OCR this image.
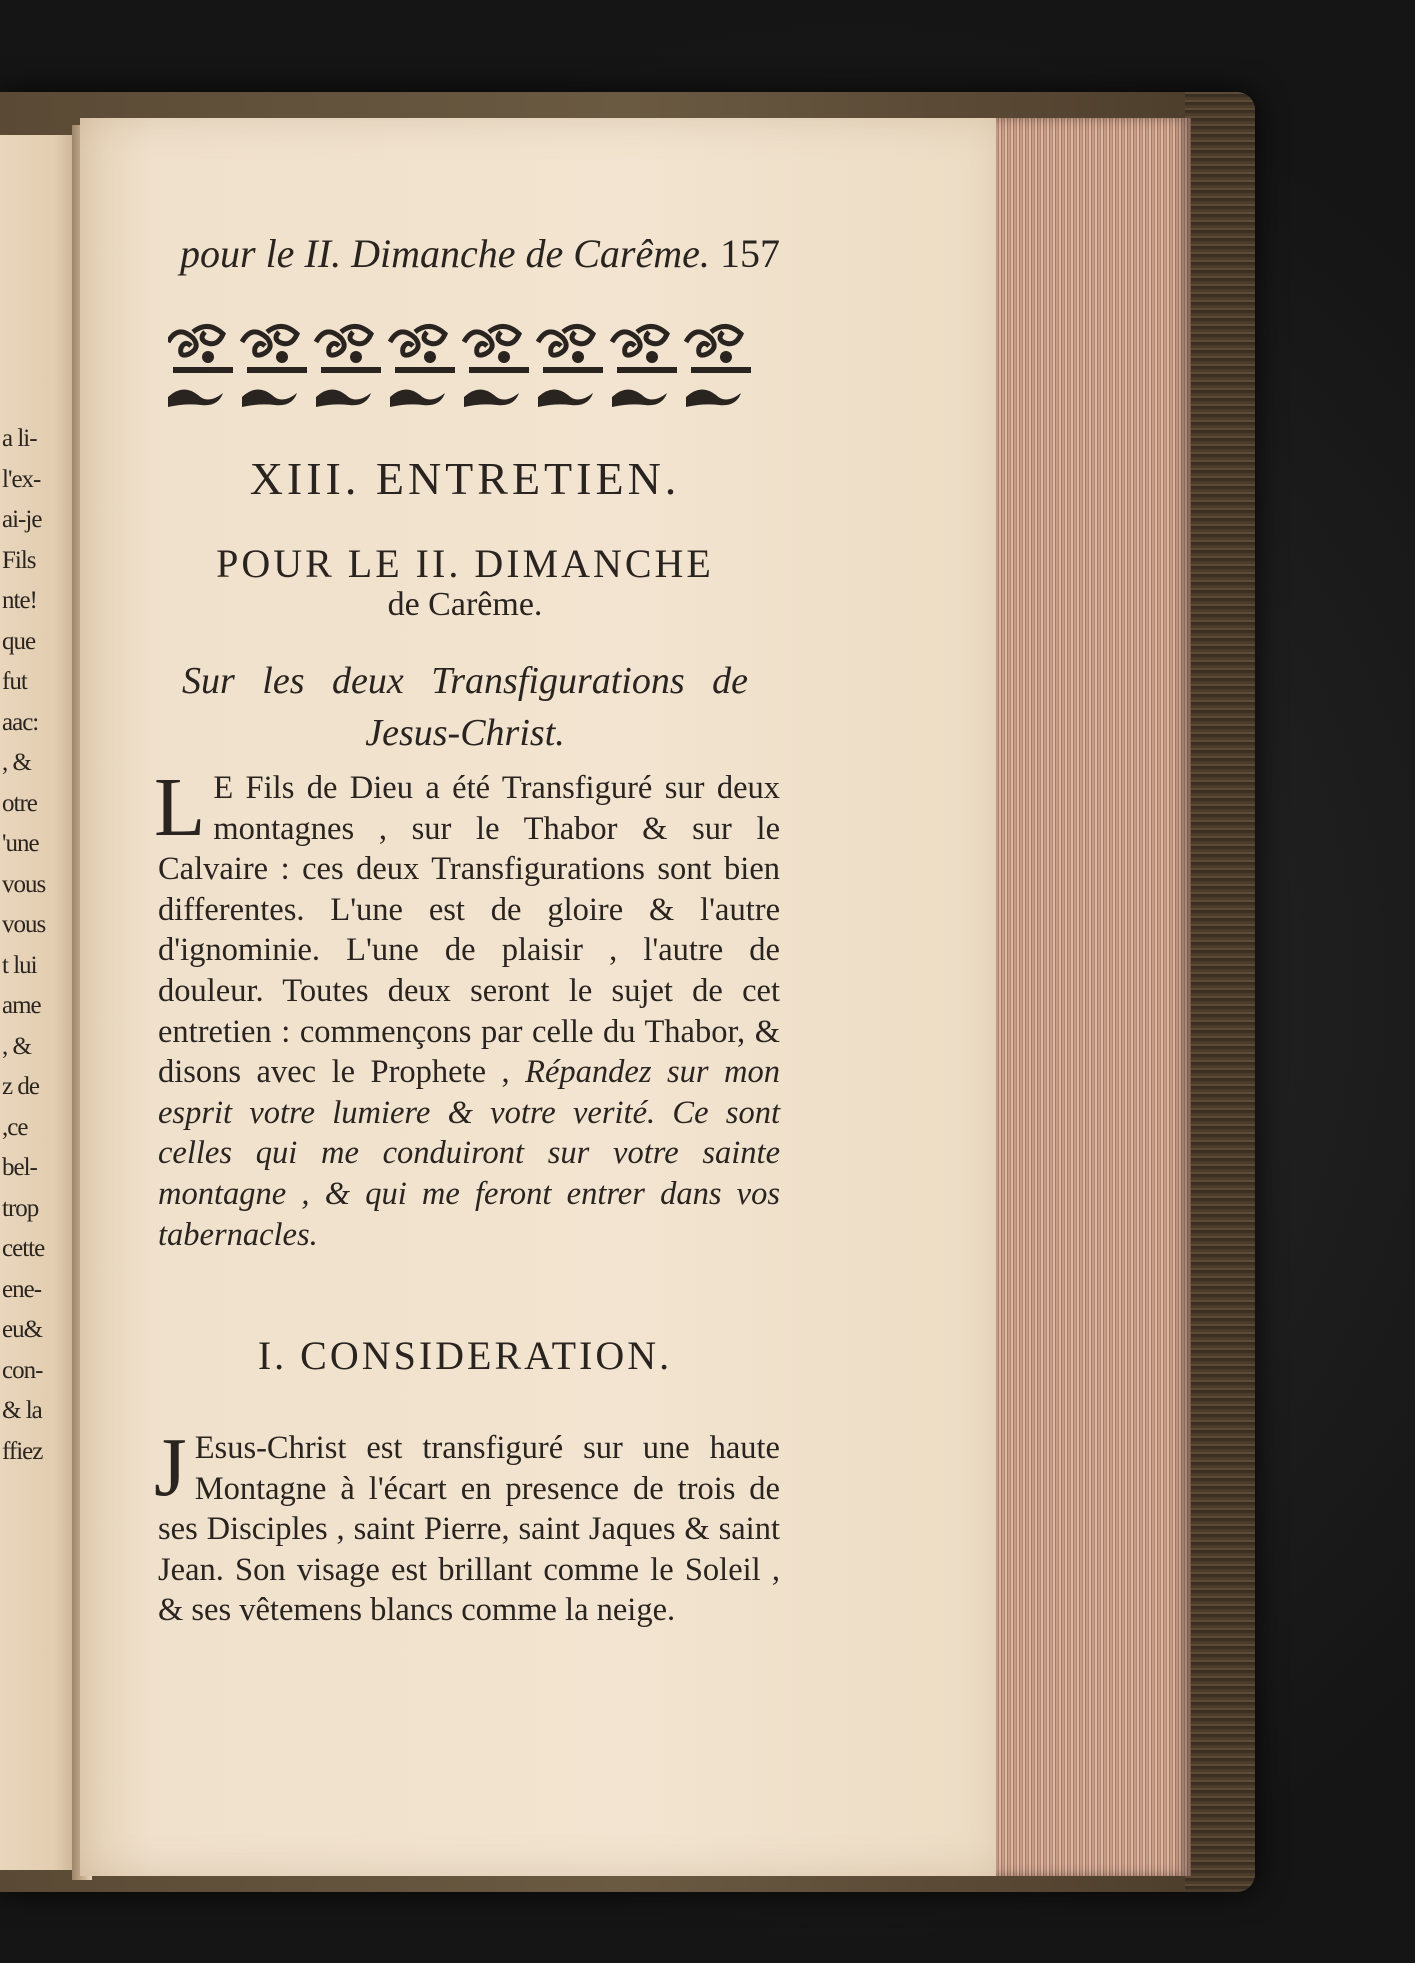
a li-
l'ex-
ai-je
Fils
nte!
que
fut
aac:
, &
otre
'une
vous
vous
t lui
ame
, &
z de
,ce
bel-
trop
cette
ene-
eu&
con-
& la
ffiez
pour le II. Dimanche de Carême. 157
XIII. ENTRETIEN.
POUR LE II. DIMANCHE
de Carême.
Sur les deux Transfigurations de
Jesus-Christ.
L E Fils de Dieu a été Transfiguré sur deux montagnes , sur le Thabor & sur le Calvaire : ces deux Transfigurations sont bien differentes. L'une est de gloire & l'autre d'ignominie. L'une de plaisir , l'autre de douleur. Toutes deux seront le sujet de cet entretien : commençons par celle du Thabor, & disons avec le Prophete , Répandez sur mon esprit votre lumiere & votre verité. Ce sont celles qui me conduiront sur votre sainte montagne , & qui me feront entrer dans vos tabernacles.
I. CONSIDERATION.
J Esus-Christ est transfiguré sur une haute Montagne à l'écart en presence de trois de ses Disciples , saint Pierre, saint Jaques & saint Jean. Son visage est brillant comme le Soleil , & ses vêtemens blancs comme la neige.
